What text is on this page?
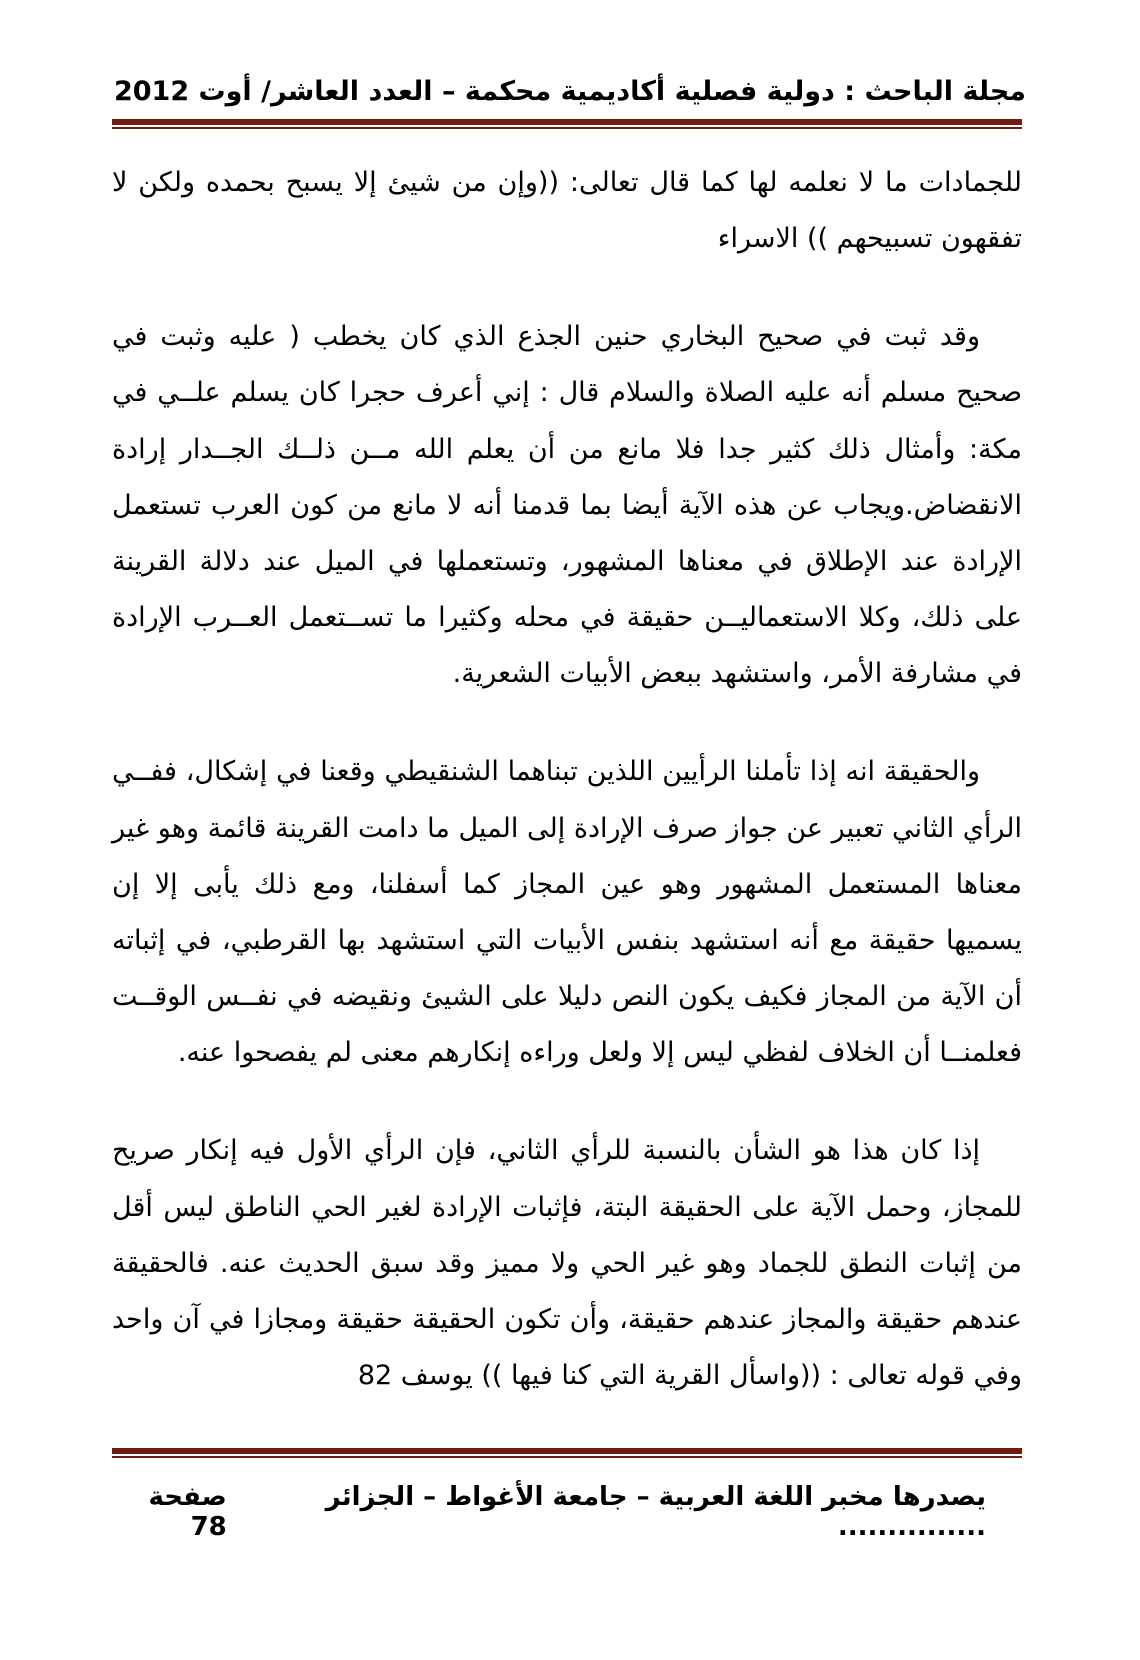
مجلة الباحث : دولية فصلية أكاديمية محكمة – العدد العاشر/ أوت 2012

للجمادات ما لا نعلمه لها كما قال تعالى: ((وإن من شيئ إلا يسبح بحمده ولكن لا تفقهون تسبيحهم )) الاسراء

وقد ثبت في صحيح البخاري حنين الجذع الذي كان يخطب ( عليه وثبت في صحيح مسلم أنه عليه الصلاة والسلام قال : إني أعرف حجرا كان يسلم علــي في مكة: وأمثال ذلك كثير جدا فلا مانع من أن يعلم الله مــن ذلــك الجــدار إرادة الانقضاض.ويجاب عن هذه الآية أيضا بما قدمنا أنه لا مانع من كون العرب تستعمل الإرادة عند الإطلاق في معناها المشهور، وتستعملها في الميل عند دلالة القرينة على ذلك، وكلا الاستعماليــن حقيقة في محله وكثيرا ما تســتعمل العــرب الإرادة في مشارفة الأمر، واستشهد ببعض الأبيات الشعرية.

والحقيقة انه إذا تأملنا الرأيين اللذين تبناهما الشنقيطي وقعنا في إشكال، ففــي الرأي الثاني تعبير عن جواز صرف الإرادة إلى الميل ما دامت القرينة قائمة وهو غير معناها المستعمل المشهور وهو عين المجاز كما أسفلنا، ومع ذلك يأبى إلا إن يسميها حقيقة مع أنه استشهد بنفس الأبيات التي استشهد بها القرطبي، في إثباته أن الآية من المجاز فكيف يكون النص دليلا على الشيئ ونقيضه في نفــس الوقــت فعلمنــا أن الخلاف لفظي ليس إلا ولعل وراءه إنكارهم معنى لم يفصحوا عنه.

إذا كان هذا هو الشأن بالنسبة للرأي الثاني، فإن الرأي الأول فيه إنكار صريح للمجاز، وحمل الآية على الحقيقة البتة، فإثبات الإرادة لغير الحي الناطق ليس أقل من إثبات النطق للجماد وهو غير الحي ولا مميز وقد سبق الحديث عنه. فالحقيقة عندهم حقيقة والمجاز عندهم حقيقة، وأن تكون الحقيقة حقيقة ومجازا في آن واحد وفي قوله تعالى : ((واسأل القرية التي كنا فيها )) يوسف 82

يصدرها مخبر اللغة العربية – جامعة الأغواط – الجزائر ...............
صفحة 78
